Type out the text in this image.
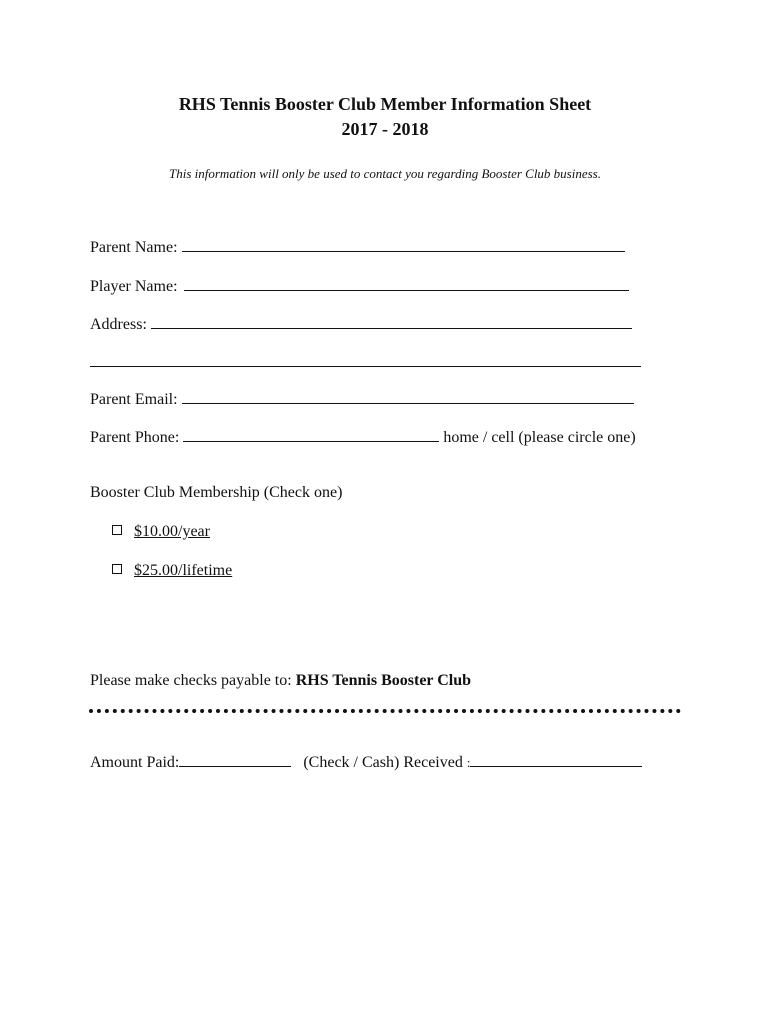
RHS Tennis Booster Club Member Information Sheet
2017 - 2018
This information will only be used to contact you regarding Booster Club business.
Parent Name:
Player Name:
Address:
Parent Email:
Parent Phone:	home / cell (please circle one)
Booster Club Membership (Check one)
$10.00/year
$25.00/lifetime
Please make checks payable to: RHS Tennis Booster Club
Amount Paid:	(Check / Cash) Received :
